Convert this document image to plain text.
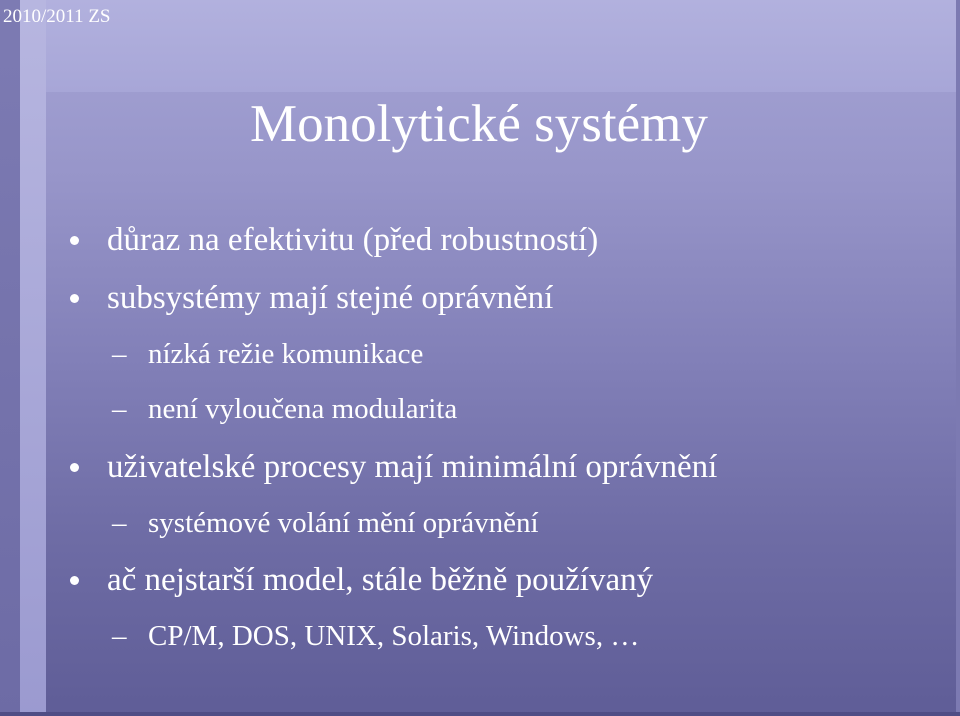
2010/2011 ZS
Monolytické systémy
důraz na efektivitu (před robustností)
subsystémy mají stejné oprávnění
– nízká režie komunikace
– není vyloučena modularita
uživatelské procesy mají minimální oprávnění
– systémové volání mění oprávnění
ač nejstarší model, stále běžně používaný
– CP/M, DOS, UNIX, Solaris, Windows, …
